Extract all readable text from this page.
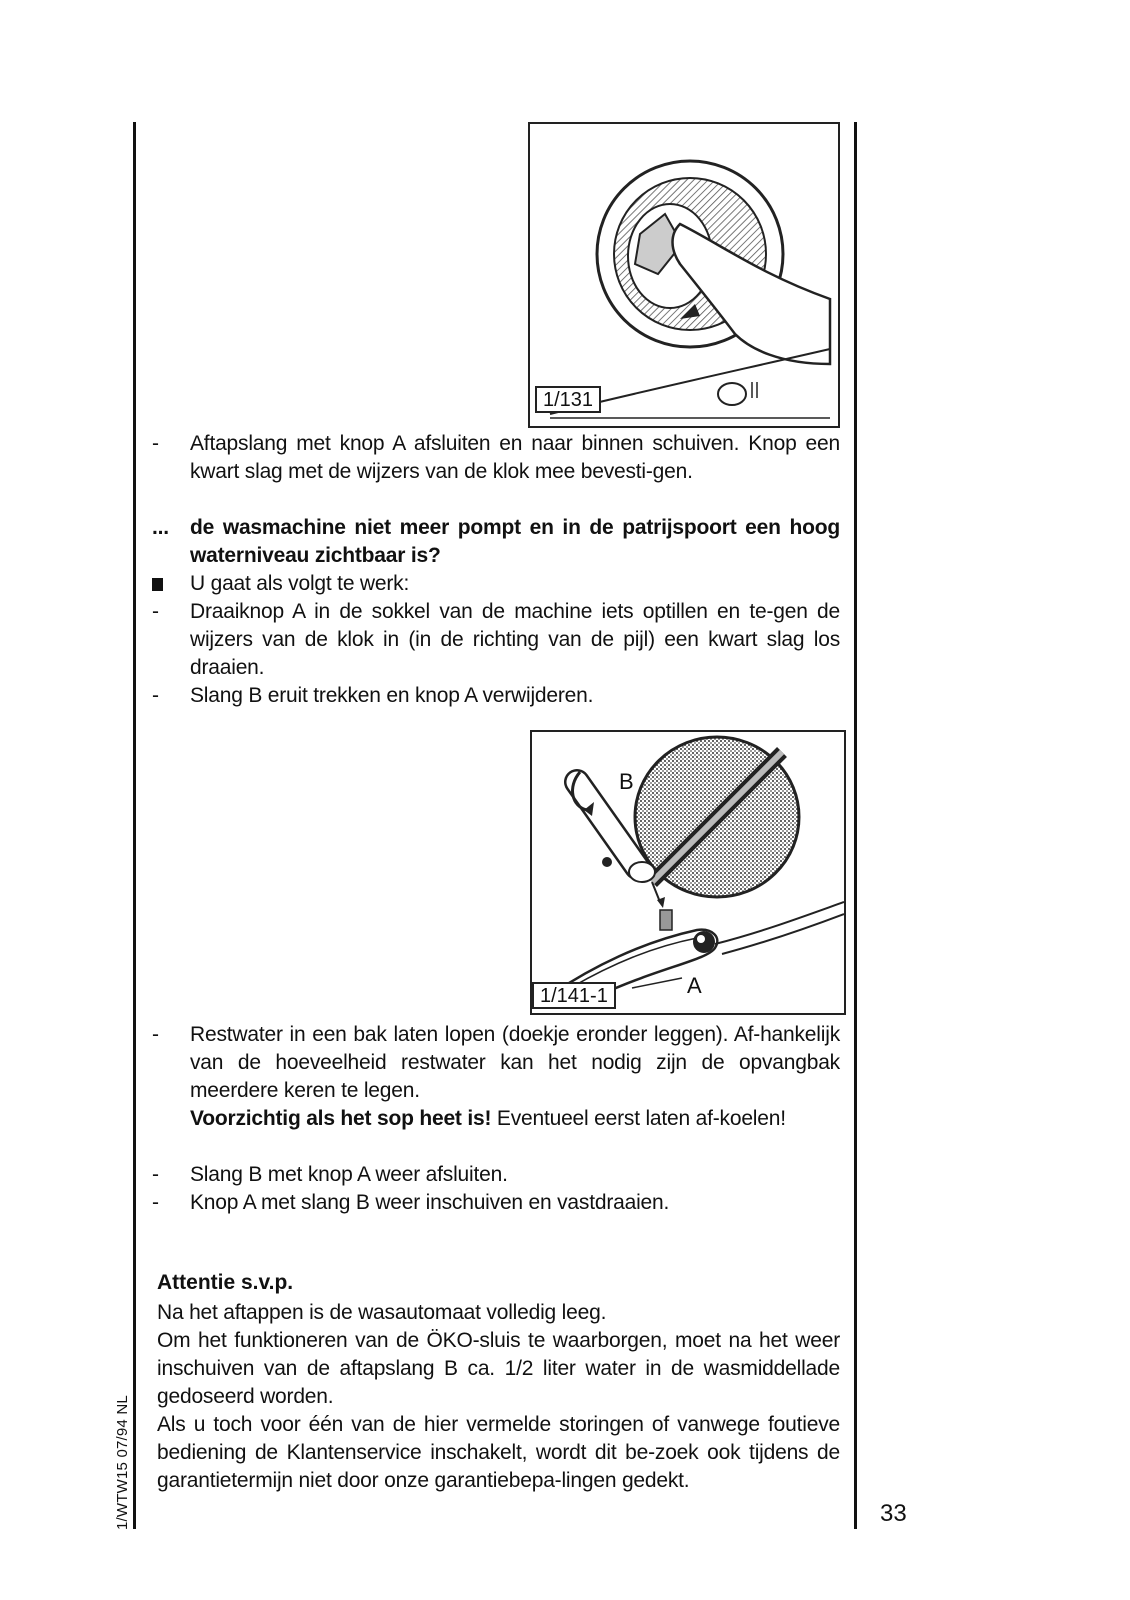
1/WTW15 07/94 NL	33
1/131
- Aftapslang met knop A afsluiten en naar binnen schuiven. Knop een kwart slag met de wijzers van de klok mee bevesti-gen.
... de wasmachine niet meer pompt en in de patrijspoort een hoog waterniveau zichtbaar is?
U gaat als volgt te werk:
- Draaiknop A in de sokkel van de machine iets optillen en te-gen de wijzers van de klok in (in de richting van de pijl) een kwart slag los draaien.
- Slang B eruit trekken en knop A verwijderen.
B
A
1/141-1
- Restwater in een bak laten lopen (doekje eronder leggen). Af-hankelijk van de hoeveelheid restwater kan het nodig zijn de opvangbak meerdere keren te legen.
Voorzichtig als het sop heet is! Eventueel eerst laten af-koelen!
- Slang B met knop A weer afsluiten.
- Knop A met slang B weer inschuiven en vastdraaien.
Attentie s.v.p.
Na het aftappen is de wasautomaat volledig leeg.
Om het funktioneren van de ÖKO-sluis te waarborgen, moet na het weer inschuiven van de aftapslang B ca. 1/2 liter water in de wasmiddellade gedoseerd worden.
Als u toch voor één van de hier vermelde storingen of vanwege foutieve bediening de Klantenservice inschakelt, wordt dit be-zoek ook tijdens de garantietermijn niet door onze garantiebepa-lingen gedekt.
